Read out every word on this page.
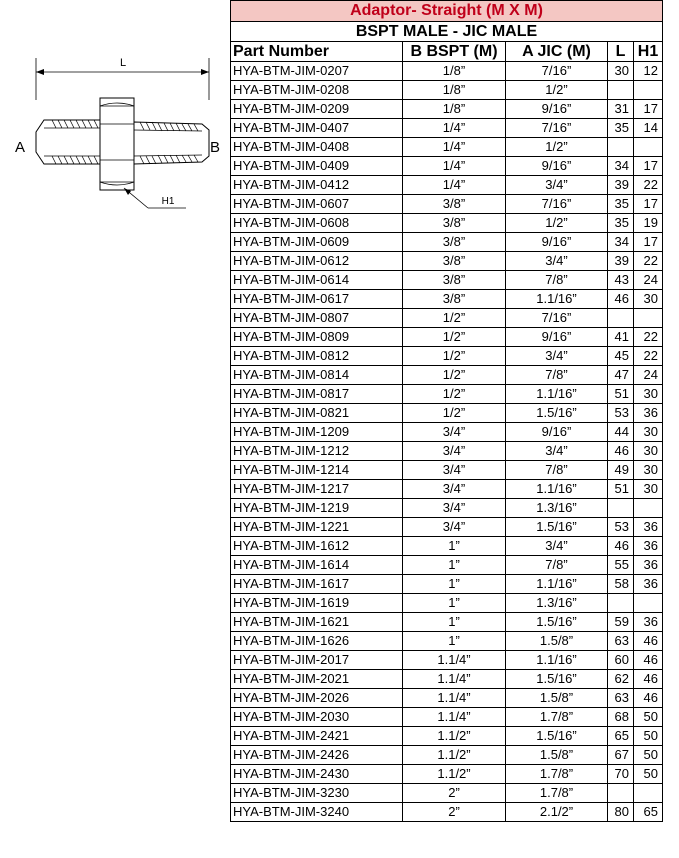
L
A	B
H1
Adaptor- Straight (M X M)				
BSPT MALE - JIC MALE				
Part Number	B BSPT (M)	A JIC (M)	L	H1
HYA-BTM-JIM-0207	1/8”	7/16”	30	12
HYA-BTM-JIM-0208	1/8”	1/2”		
HYA-BTM-JIM-0209	1/8”	9/16”	31	17
HYA-BTM-JIM-0407	1/4”	7/16”	35	14
HYA-BTM-JIM-0408	1/4”	1/2”		
HYA-BTM-JIM-0409	1/4”	9/16”	34	17
HYA-BTM-JIM-0412	1/4”	3/4”	39	22
HYA-BTM-JIM-0607	3/8”	7/16”	35	17
HYA-BTM-JIM-0608	3/8”	1/2”	35	19
HYA-BTM-JIM-0609	3/8”	9/16”	34	17
HYA-BTM-JIM-0612	3/8”	3/4”	39	22
HYA-BTM-JIM-0614	3/8”	7/8”	43	24
HYA-BTM-JIM-0617	3/8”	1.1/16”	46	30
HYA-BTM-JIM-0807	1/2”	7/16”		
HYA-BTM-JIM-0809	1/2”	9/16”	41	22
HYA-BTM-JIM-0812	1/2”	3/4”	45	22
HYA-BTM-JIM-0814	1/2”	7/8”	47	24
HYA-BTM-JIM-0817	1/2”	1.1/16”	51	30
HYA-BTM-JIM-0821	1/2”	1.5/16”	53	36
HYA-BTM-JIM-1209	3/4”	9/16”	44	30
HYA-BTM-JIM-1212	3/4”	3/4”	46	30
HYA-BTM-JIM-1214	3/4”	7/8”	49	30
HYA-BTM-JIM-1217	3/4”	1.1/16”	51	30
HYA-BTM-JIM-1219	3/4”	1.3/16”		
HYA-BTM-JIM-1221	3/4”	1.5/16”	53	36
HYA-BTM-JIM-1612	1”	3/4”	46	36
HYA-BTM-JIM-1614	1”	7/8”	55	36
HYA-BTM-JIM-1617	1”	1.1/16”	58	36
HYA-BTM-JIM-1619	1”	1.3/16”		
HYA-BTM-JIM-1621	1”	1.5/16”	59	36
HYA-BTM-JIM-1626	1”	1.5/8”	63	46
HYA-BTM-JIM-2017	1.1/4”	1.1/16”	60	46
HYA-BTM-JIM-2021	1.1/4”	1.5/16”	62	46
HYA-BTM-JIM-2026	1.1/4”	1.5/8”	63	46
HYA-BTM-JIM-2030	1.1/4”	1.7/8”	68	50
HYA-BTM-JIM-2421	1.1/2”	1.5/16”	65	50
HYA-BTM-JIM-2426	1.1/2”	1.5/8”	67	50
HYA-BTM-JIM-2430	1.1/2”	1.7/8”	70	50
HYA-BTM-JIM-3230	2”	1.7/8”		
HYA-BTM-JIM-3240	2”	2.1/2”	80	65
